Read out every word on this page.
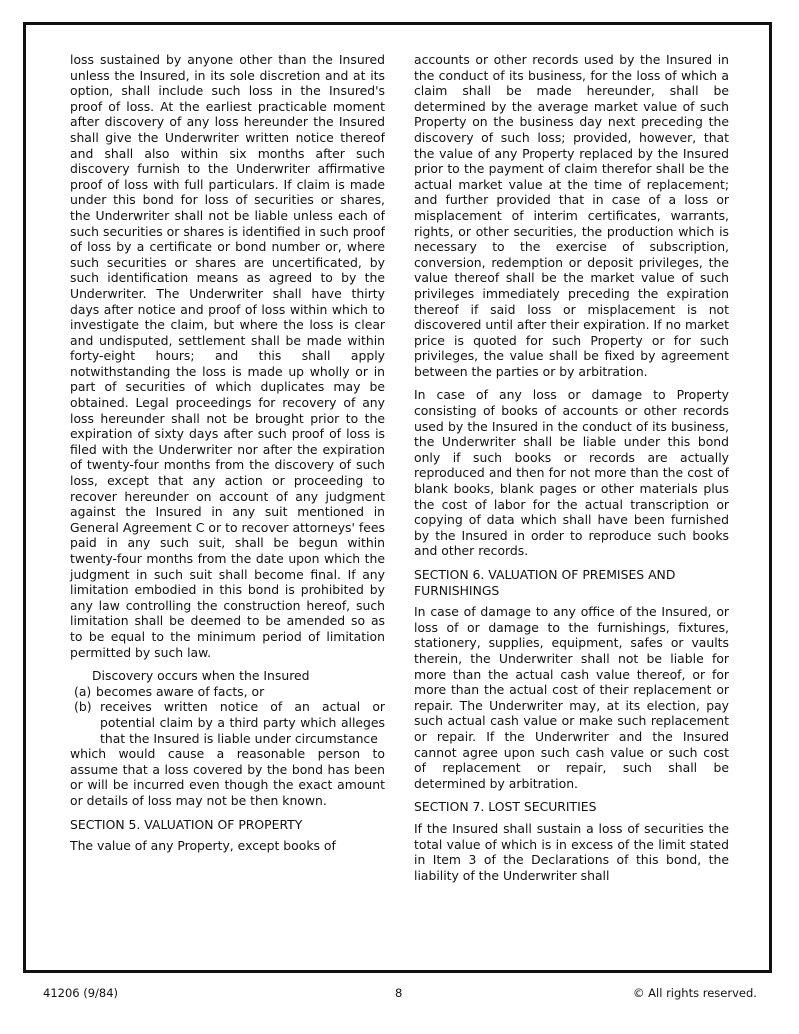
loss sustained by anyone other than the Insured unless the Insured, in its sole discretion and at its option, shall include such loss in the Insured's proof of loss. At the earliest practicable moment after discovery of any loss hereunder the Insured shall give the Underwriter written notice thereof and shall also within six months after such discovery furnish to the Underwriter affirmative proof of loss with full particulars. If claim is made under this bond for loss of securities or shares, the Underwriter shall not be liable unless each of such securities or shares is identified in such proof of loss by a certificate or bond number or, where such securities or shares are uncertificated, by such identification means as agreed to by the Underwriter. The Underwriter shall have thirty days after notice and proof of loss within which to investigate the claim, but where the loss is clear and undisputed, settlement shall be made within forty-eight hours; and this shall apply notwithstanding the loss is made up wholly or in part of securities of which duplicates may be obtained. Legal proceedings for recovery of any loss hereunder shall not be brought prior to the expiration of sixty days after such proof of loss is filed with the Underwriter nor after the expiration of twenty-four months from the discovery of such loss, except that any action or proceeding to recover hereunder on account of any judgment against the Insured in any suit mentioned in General Agreement C or to recover attorneys' fees paid in any such suit, shall be begun within twenty-four months from the date upon which the judgment in such suit shall become final. If any limitation embodied in this bond is prohibited by any law controlling the construction hereof, such limitation shall be deemed to be amended so as to be equal to the minimum period of limitation permitted by such law.

Discovery occurs when the Insured

(a) becomes aware of facts, or
(b) receives written notice of an actual or potential claim by a third party which alleges that the Insured is liable under circumstance

which would cause a reasonable person to assume that a loss covered by the bond has been or will be incurred even though the exact amount or details of loss may not be then known.

SECTION 5. VALUATION OF PROPERTY

The value of any Property, except books of

accounts or other records used by the Insured in the conduct of its business, for the loss of which a claim shall be made hereunder, shall be determined by the average market value of such Property on the business day next preceding the discovery of such loss; provided, however, that the value of any Property replaced by the Insured prior to the payment of claim therefor shall be the actual market value at the time of replacement; and further provided that in case of a loss or misplacement of interim certificates, warrants, rights, or other securities, the production which is necessary to the exercise of subscription, conversion, redemption or deposit privileges, the value thereof shall be the market value of such privileges immediately preceding the expiration thereof if said loss or misplacement is not discovered until after their expiration. If no market price is quoted for such Property or for such privileges, the value shall be fixed by agreement between the parties or by arbitration.

In case of any loss or damage to Property consisting of books of accounts or other records used by the Insured in the conduct of its business, the Underwriter shall be liable under this bond only if such books or records are actually reproduced and then for not more than the cost of blank books, blank pages or other materials plus the cost of labor for the actual transcription or copying of data which shall have been furnished by the Insured in order to reproduce such books and other records.

SECTION 6. VALUATION OF PREMISES AND FURNISHINGS

In case of damage to any office of the Insured, or loss of or damage to the furnishings, fixtures, stationery, supplies, equipment, safes or vaults therein, the Underwriter shall not be liable for more than the actual cash value thereof, or for more than the actual cost of their replacement or repair. The Underwriter may, at its election, pay such actual cash value or make such replacement or repair. If the Underwriter and the Insured cannot agree upon such cash value or such cost of replacement or repair, such shall be determined by arbitration.

SECTION 7. LOST SECURITIES

If the Insured shall sustain a loss of securities the total value of which is in excess of the limit stated in Item 3 of the Declarations of this bond, the liability of the Underwriter shall

41206 (9/84)	8	© All rights reserved.
